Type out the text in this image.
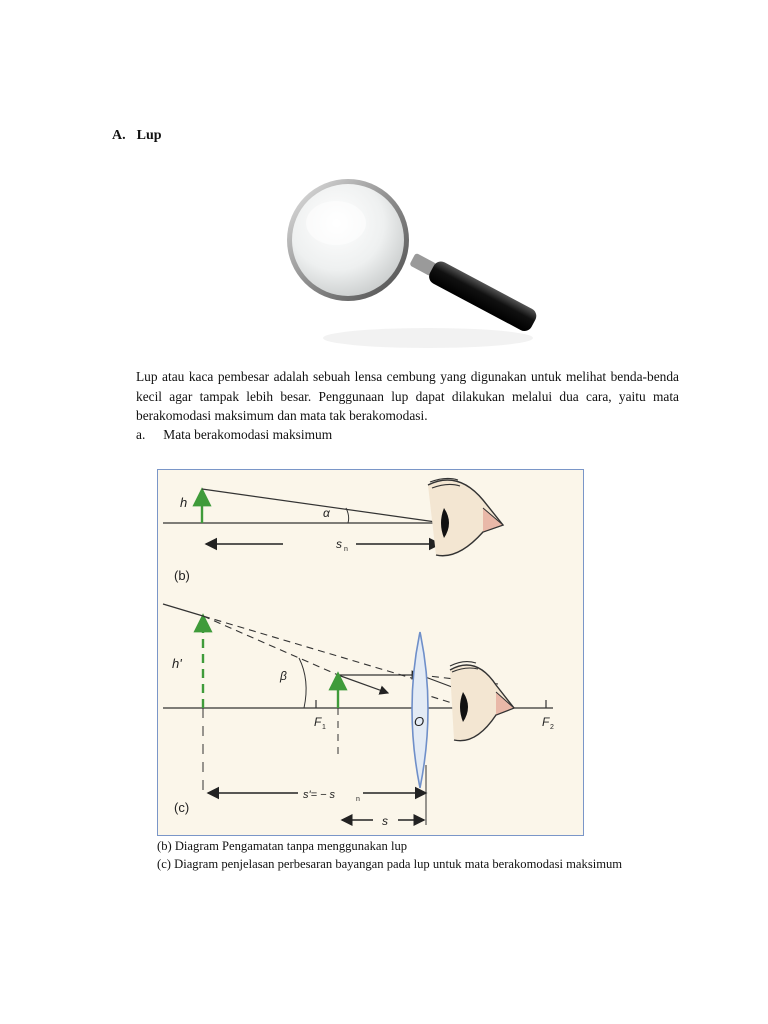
A. Lup

Lup atau kaca pembesar adalah sebuah lensa cembung yang digunakan untuk melihat benda-benda kecil agar tampak lebih besar. Penggunaan lup dapat dilakukan melalui dua cara, yaitu mata berakomodasi maksimum dan mata tak berakomodasi.

a. Mata berakomodasi maksimum
h
α
s n
(b)
h'
β
F 1	O	F 2
s'= − s	n
s
(c)
(b) Diagram Pengamatan tanpa menggunakan lup
(c) Diagram penjelasan perbesaran bayangan pada lup untuk mata berakomodasi maksimum
